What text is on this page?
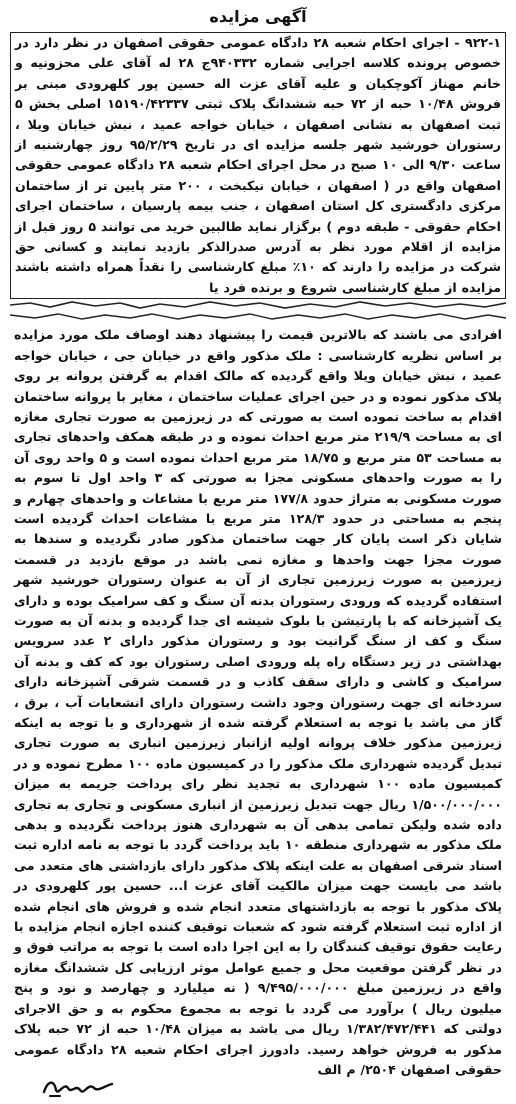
آگهی مزایده
۹۲۲-۱ - اجرای احکام شعبه ۲۸ دادگاه عمومی حقوقی اصفهان در نظر دارد در خصوص پرونده کلاسه اجرایی شماره ۹۴۰۳۳۲ج ۲۸ له آقای علی محزونیه و خانم مهناز آکوچکیان و علیه آقای عزت اله حسین پور کلهرودی مبنی بر فروش ۱۰/۴۸ حبه از ۷۲ حبه ششدانگ پلاک ثبتی ۱۵۱۹۰/۴۲۳۳۷ اصلی بخش ۵ ثبت اصفهان به نشانی اصفهان ، خیابان خواجه عمید ، نبش خیابان ویلا ، رستوران خورشید شهر جلسه مزایده ای در تاریخ ۹۵/۲/۲۹ روز چهارشنبه از ساعت ۹/۳۰ الی ۱۰ صبح در محل اجرای احکام شعبه ۲۸ دادگاه عمومی حقوقی اصفهان واقع در ( اصفهان ، خیابان نیکبخت ، ۲۰۰ متر پایین تر از ساختمان مرکزی دادگستری کل استان اصفهان ، جنب بیمه پارسیان ، ساختمان اجرای احکام حقوقی - طبقه دوم ) برگزار نماید طالبین خرید می توانند ۵ روز قبل از مزایده از اقلام مورد نظر به آدرس صدرالذکر بازدید نمایند و کسانی حق شرکت در مزایده را دارند که ۱۰٪ مبلغ کارشناسی را نقداً همراه داشته باشند مزایده از مبلغ کارشناسی شروع و برنده فرد یا
افرادی می باشند که بالاترین قیمت را پیشنهاد دهند اوصاف ملک مورد مزایده بر اساس نظریه کارشناسی : ملک مذکور واقع در خیابان جی ، خیابان خواجه عمید ، نبش خیابان ویلا واقع گردیده که مالک اقدام به گرفتن پروانه بر روی پلاک مذکور نموده و در حین اجرای عملیات ساختمان ، مغایر با پروانه ساختمان اقدام به ساخت نموده است به صورتی که در زیرزمین به صورت تجاری مغازه ای به مساحت ۲۱۹/۹ متر مربع احداث نموده و در طبقه همکف واحدهای تجاری به مساحت ۵۳ متر مربع و ۱۸/۷۵ متر مربع احداث نموده است و ۵ واحد روی آن را به صورت واحدهای مسکونی مجزا به صورتی که ۳ واحد اول تا سوم به صورت مسکونی به متراژ حدود ۱۷۷/۸ متر مربع با مشاعات و واحدهای چهارم و پنجم به مساحتی در حدود ۱۲۸/۳ متر مربع با مشاعات احداث گردیده است شایان ذکر است پایان کار جهت ساختمان مذکور صادر نگردیده و سندها به صورت مجزا جهت واحدها و مغازه نمی باشد در موقع بازدید در قسمت زیرزمین به صورت زیرزمین تجاری از آن به عنوان رستوران خورشید شهر استفاده گردیده که ورودی رستوران بدنه آن سنگ و کف سرامیک بوده و دارای یک آشپزخانه که با پارتیشن با بلوک شیشه ای جدا گردیده و بدنه آن به صورت سنگ و کف از سنگ گرانیت بود و رستوران مذکور دارای ۲ عدد سرویس بهداشتی در زیر دستگاه راه پله ورودی اصلی رستوران بود که کف و بدنه آن سرامیک و کاشی و دارای سقف کاذب و در قسمت شرقی آشپزخانه دارای سردخانه ای جهت رستوران وجود داشت رستوران دارای انشعابات آب ، برق ، گاز می باشد با توجه به استعلام گرفته شده از شهرداری و با توجه به اینکه زیرزمین مذکور خلاف پروانه اولیه ازانبار زیرزمین انباری به صورت تجاری تبدیل گردیده شهرداری ملک مذکور را در کمیسیون ماده ۱۰۰ مطرح نموده و در کمیسیون ماده ۱۰۰ شهرداری به تجدید نظر رای پرداخت جریمه به میزان ۱/۵۰۰/۰۰۰/۰۰۰ ریال جهت تبدیل زیرزمین از انباری مسکونی و تجاری به تجاری داده شده ولیکن تمامی بدهی آن به شهرداری هنوز پرداخت نگردیده و بدهی ملک مذکور به شهرداری منطقه ۱۰ باید پرداخت گردد با توجه به نامه اداره ثبت اسناد شرقی اصفهان به علت اینکه پلاک مذکور دارای بازداشتی های متعدد می باشد می بایست جهت میزان مالکیت آقای عزت ا... حسین پور کلهرودی در پلاک مذکور با توجه به بازداشتهای متعدد انجام شده و فروش های انجام شده از اداره ثبت استعلام گرفته شود که شعبات توقیف کننده اجازه انجام مزایده با رعایت حقوق توقیف کنندگان را به این اجرا داده است با توجه به مراتب فوق و در نظر گرفتن موقعیت محل و جمیع عوامل موثر ارزیابی کل ششدانگ مغازه واقع در زیرزمین مبلغ ۹/۴۹۵/۰۰۰/۰۰۰ ( نه میلیارد و چهارصد و نود و پنج میلیون ریال ) برآورد می گردد با توجه به مجموع محکوم به و حق الاجرای دولتی که ۱/۳۸۲/۴۷۲/۴۴۱ ریال می باشد به میزان ۱۰/۴۸ حبه از ۷۲ حبه پلاک مذکور به فروش خواهد رسید. دادورز اجرای احکام شعبه ۲۸ دادگاه عمومی حقوقی اصفهان ۲۵۰۴/ م الف
